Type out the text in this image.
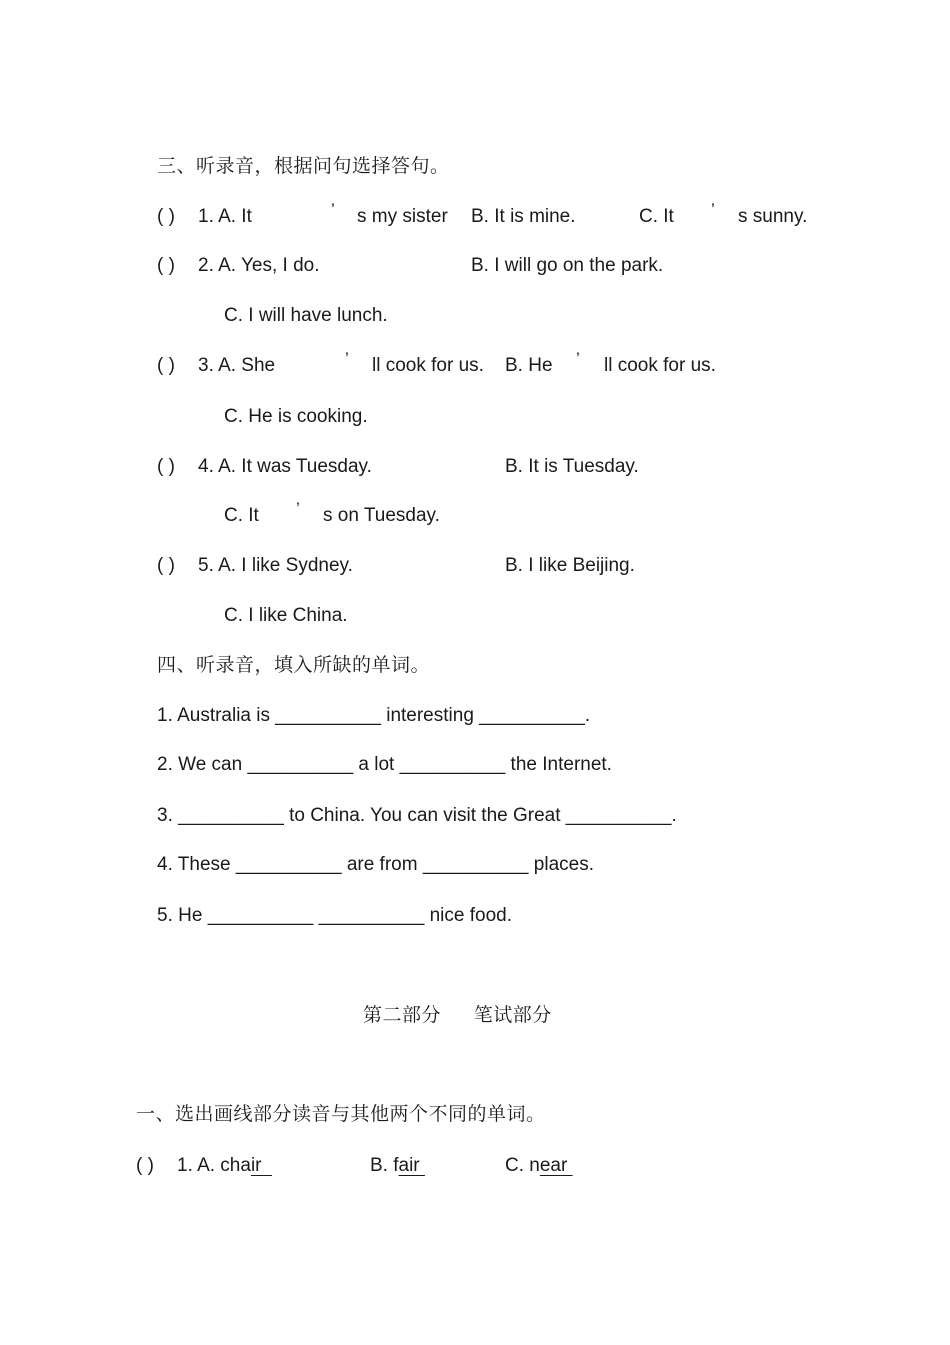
三、听录音，根据问句选择答句。
( ) 1. A. It	’ s my sister B. It is mine.	C. It ’ s sunny.
( ) 2. A. Yes, I do.	B. I will go on the park.
C. I will have lunch.
( ) 3. A. She	’ ll cook for us. B. He ’ ll cook for us.
C. He is cooking.
( ) 4. A. It was Tuesday.	B. It is Tuesday.
C. It ’ s on Tuesday.
( ) 5. A. I like Sydney.	B. I like Beijing.
C. I like China.
四、听录音，填入所缺的单词。
1. Australia is __________ interesting __________.
2. We can __________ a lot __________ the Internet.
3. __________ to China. You can visit the Great __________.
4. These __________ are from __________ places.
5. He __________ __________ nice food.
第二部分     笔试部分
一、选出画线部分读音与其他两个不同的单词。
( ) 1. A. chair	B. fair	C. near
